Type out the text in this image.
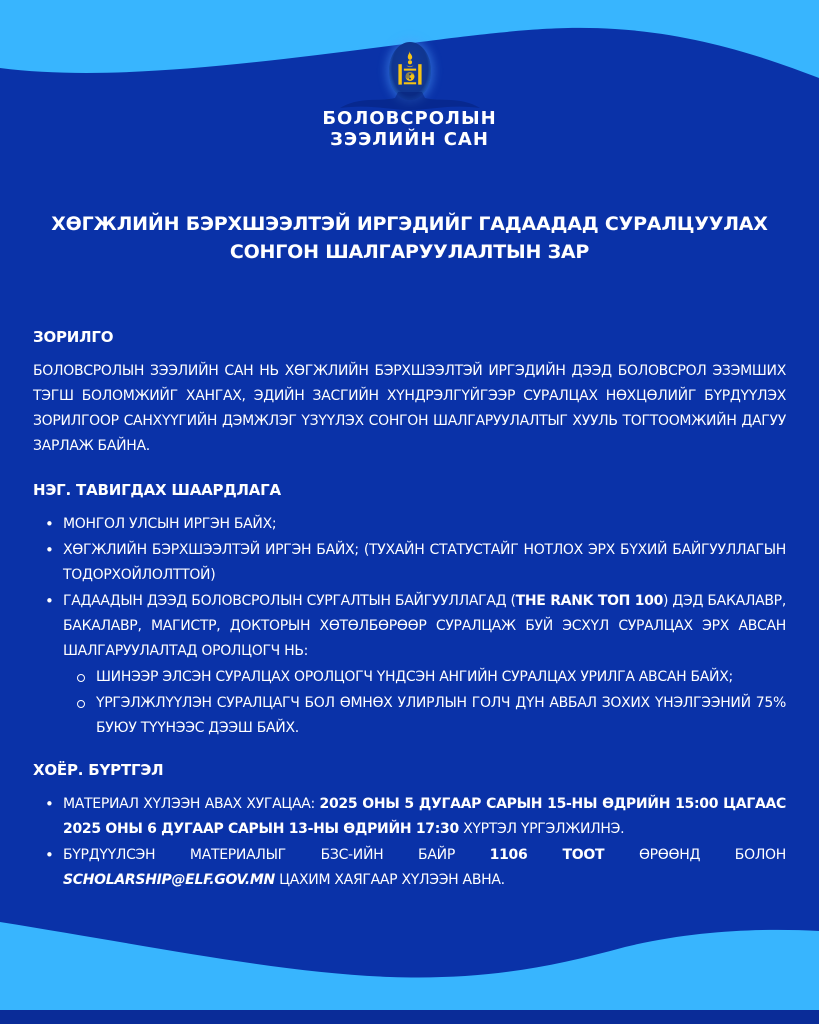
БОЛОВСРОЛЫН
ЗЭЭЛИЙН САН
ХӨГЖЛИЙН БЭРХШЭЭЛТЭЙ ИРГЭДИЙГ ГАДААДАД СУРАЛЦУУЛАХ
СОНГОН ШАЛГАРУУЛАЛТЫН ЗАР
ЗОРИЛГО

БОЛОВСРОЛЫН ЗЭЭЛИЙН САН НЬ ХӨГЖЛИЙН БЭРХШЭЭЛТЭЙ ИРГЭДИЙН ДЭЭД БОЛОВСРОЛ ЭЗЭМШИХ ТЭГШ БОЛОМЖИЙГ ХАНГАХ, ЭДИЙН ЗАСГИЙН ХҮНДРЭЛГҮЙГЭЭР СУРАЛЦАХ НӨХЦӨЛИЙГ БҮРДҮҮЛЭХ ЗОРИЛГООР САНХҮҮГИЙН ДЭМЖЛЭГ ҮЗҮҮЛЭХ СОНГОН ШАЛГАРУУЛАЛТЫГ ХУУЛЬ ТОГТООМЖИЙН ДАГУУ ЗАРЛАЖ БАЙНА.

НЭГ. ТАВИГДАХ ШААРДЛАГА
• МОНГОЛ УЛСЫН ИРГЭН БАЙХ;
• ХӨГЖЛИЙН БЭРХШЭЭЛТЭЙ ИРГЭН БАЙХ; (ТУХАЙН СТАТУСТАЙГ НОТЛОХ ЭРХ БҮХИЙ БАЙГУУЛЛАГЫН ТОДОРХОЙЛОЛТТОЙ)
• ГАДААДЫН ДЭЭД БОЛОВСРОЛЫН СУРГАЛТЫН БАЙГУУЛЛАГАД (THE RANK ТОП 100) ДЭД БАКАЛАВР, БАКАЛАВР, МАГИСТР, ДОКТОРЫН ХӨТӨЛБӨРӨӨР СУРАЛЦАЖ БУЙ ЭСХҮЛ СУРАЛЦАХ ЭРХ АВСАН ШАЛГАРУУЛАЛТАД ОРОЛЦОГЧ НЬ:
ШИНЭЭР ЭЛСЭН СУРАЛЦАХ ОРОЛЦОГЧ ҮНДСЭН АНГИЙН СУРАЛЦАХ УРИЛГА АВСАН БАЙХ;
ҮРГЭЛЖЛҮҮЛЭН СУРАЛЦАГЧ БОЛ ӨМНӨХ УЛИРЛЫН ГОЛЧ ДҮН АВБАЛ ЗОХИХ ҮНЭЛГЭЭНИЙ 75% БУЮУ ТҮҮНЭЭС ДЭЭШ БАЙХ.
ХОЁР. БҮРТГЭЛ
• МАТЕРИАЛ ХҮЛЭЭН АВАХ ХУГАЦАА: 2025 ОНЫ 5 ДУГААР САРЫН 15-НЫ ӨДРИЙН 15:00 ЦАГААС 2025 ОНЫ 6 ДУГААР САРЫН 13-НЫ ӨДРИЙН 17:30 ХҮРТЭЛ ҮРГЭЛЖИЛНЭ.
• БҮРДҮҮЛСЭН МАТЕРИАЛЫГ БЗС-ИЙН БАЙР 1106 ТООТ ӨРӨӨНД БОЛОН SCHOLARSHIP@ELF.GOV.MN ЦАХИМ ХАЯГААР ХҮЛЭЭН АВНА.
